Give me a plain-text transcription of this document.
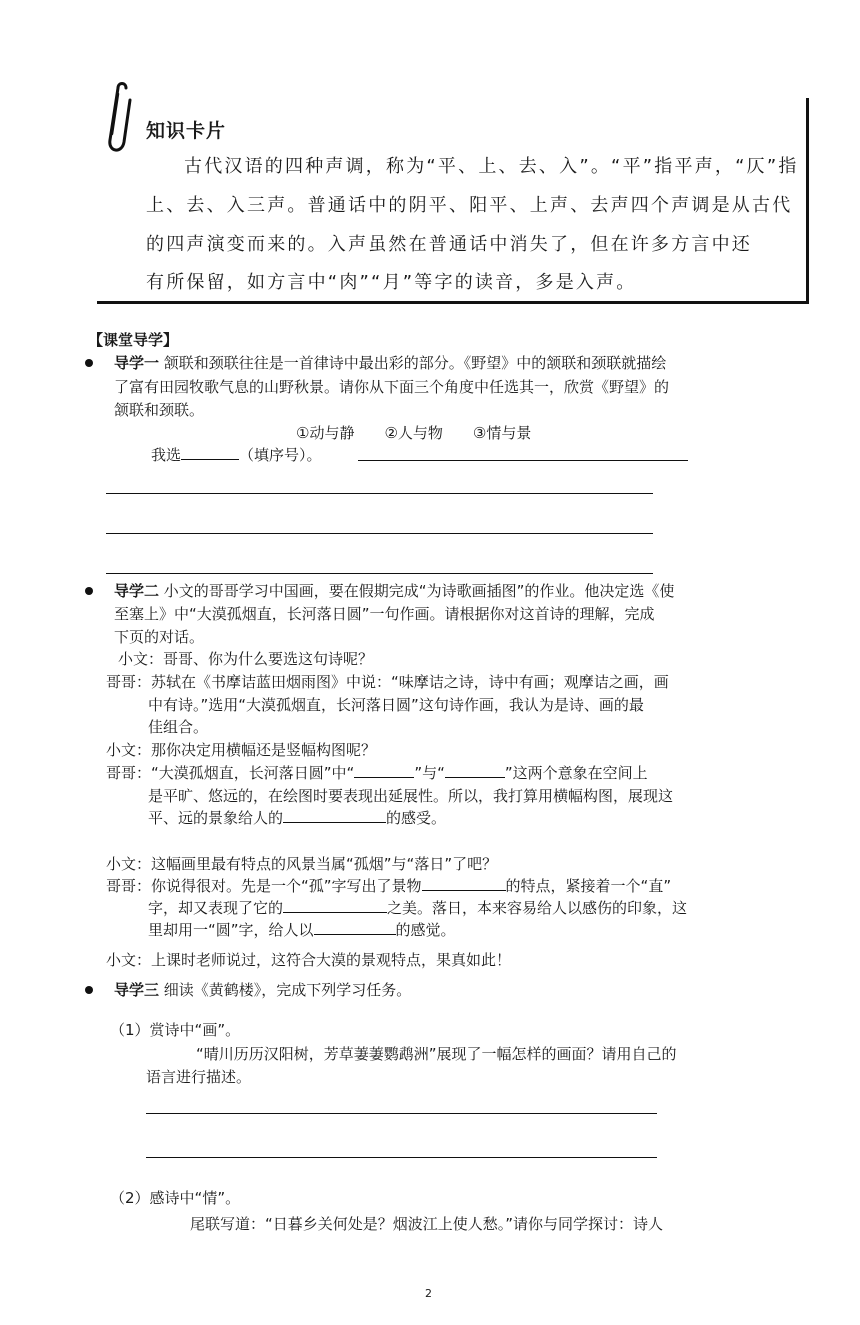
知识卡片
古代汉语的四种声调，称为“平、上、去、入”。“平”指平声，“仄”指
上、去、入三声。普通话中的阴平、阳平、上声、去声四个声调是从古代
的四声演变而来的。入声虽然在普通话中消失了，但在许多方言中还
有所保留，如方言中“肉”“月”等字的读音，多是入声。
【课堂导学】
导学一 颔联和颈联往往是一首律诗中最出彩的部分。《野望》中的颔联和颈联就描绘
了富有田园牧歌气息的山野秋景。请你从下面三个角度中任选其一，欣赏《野望》的
颔联和颈联。
①动与静　　②人与物　　③情与景
我选	（填序号）。
导学二 小文的哥哥学习中国画，要在假期完成“为诗歌画插图”的作业。他决定选《使
至塞上》中“大漠孤烟直，长河落日圆”一句作画。请根据你对这首诗的理解，完成
下页的对话。
小文：哥哥、你为什么要选这句诗呢？
哥哥：苏轼在《书摩诘蓝田烟雨图》中说：“味摩诘之诗，诗中有画；观摩诘之画，画
中有诗。”选用“大漠孤烟直，长河落日圆”这句诗作画，我认为是诗、画的最
佳组合。
小文：那你决定用横幅还是竖幅构图呢？
哥哥：“大漠孤烟直，长河落日圆”中“	”与“	”这两个意象在空间上
是平旷、悠远的，在绘图时要表现出延展性。所以，我打算用横幅构图，展现这
平、远的景象给人的	的感受。
小文：这幅画里最有特点的风景当属“孤烟”与“落日”了吧？
哥哥：你说得很对。先是一个“孤”字写出了景物	的特点，紧接着一个“直”
字，却又表现了它的	之美。落日，本来容易给人以感伤的印象，这
里却用一“圆”字，给人以	的感觉。
小文：上课时老师说过，这符合大漠的景观特点，果真如此！
导学三 细读《黄鹤楼》，完成下列学习任务。
（1）赏诗中“画”。
“晴川历历汉阳树，芳草萋萋鹦鹉洲”展现了一幅怎样的画面？请用自己的
语言进行描述。
（2）感诗中“情”。
尾联写道：“日暮乡关何处是？烟波江上使人愁。”请你与同学探讨：诗人
2
